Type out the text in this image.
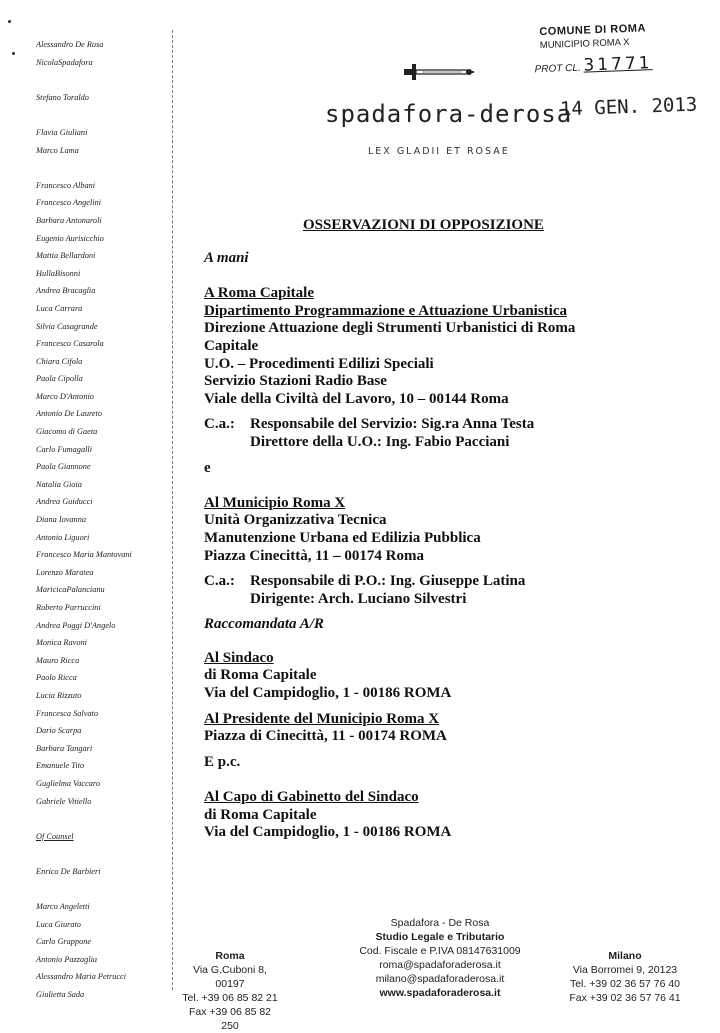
Alessandro De Rosa
NicolaSpadafora
Stefano Toraldo
Flavia Giuliani
Marco Lama
Francesco Albani
Francesco Angelini
Barbara Antonaroli
Eugenio Aurisicchio
Mattia Bellardoni
HullaBisonni
Andrea Bracaglia
Luca Carrara
Silvia Casagrande
Francesco Casarola
Chiara Cifola
Paola Cipolla
Marco D'Antonio
Antonio De Laureto
Giacomo di Gaeta
Carlo Fumagalli
Paola Giannone
Natalia Gioia
Andrea Guiducci
Diana Iovanna
Antonio Liguori
Francesco Maria Mantovani
Lorenzo Maratea
MaricicaPalancianu
Roberto Parruccini
Andrea Poggi D'Angelo
Monica Ravoni
Mauro Ricca
Paolo Ricca
Lucia Rizzuto
Francesca Salvato
Dario Scarpa
Barbara Tangari
Emanuele Tito
Guglielma Vaccaro
Gabriele Vitiello
Of Counsel
Enrico De Barbieri
Marco Angeletti
Luca Giurato
Carlo Grappone
Antonio Pazzaglia
Alessandro Maria Petrucci
Giulietta Sada
COMUNE DI ROMA
MUNICIPIO ROMA X
PROT CL. 31771
spadafora-derosa
14 GEN. 2013
LEX GLADII ET ROSAE
OSSERVAZIONI DI OPPOSIZIONE
A mani
A Roma Capitale
Dipartimento Programmazione e Attuazione Urbanistica
Direzione Attuazione degli Strumenti Urbanistici di Roma
Capitale
U.O. – Procedimenti Edilizi Speciali
Servizio Stazioni Radio Base
Viale della Civiltà del Lavoro, 10 – 00144 Roma
C.a.:	Responsabile del Servizio: Sig.ra Anna Testa
Direttore della U.O.: Ing. Fabio Pacciani
e
Al Municipio Roma X
Unità Organizzativa Tecnica
Manutenzione Urbana ed Edilizia Pubblica
Piazza Cinecittà, 11 – 00174 Roma
C.a.:	Responsabile di P.O.: Ing. Giuseppe Latina
Dirigente: Arch. Luciano Silvestri
Raccomandata A/R
Al Sindaco
di Roma Capitale
Via del Campidoglio, 1 - 00186 ROMA
Al Presidente del Municipio Roma X
Piazza di Cinecittà, 11 - 00174 ROMA
E p.c.
Al Capo di Gabinetto del Sindaco
di Roma Capitale
Via del Campidoglio, 1 - 00186 ROMA
Roma
Via G.Cuboni 8, 00197
Tel. +39 06 85 82 21
Fax +39 06 85 82 250
Spadafora - De Rosa
Studio Legale e Tributario
Cod. Fiscale e P.IVA 08147631009
roma@spadaforaderosa.it
milano@spadaforaderosa.it
www.spadaforaderosa.it
Milano
Via Borromei 9, 20123
Tel. +39 02 36 57 76 40
Fax +39 02 36 57 76 41
